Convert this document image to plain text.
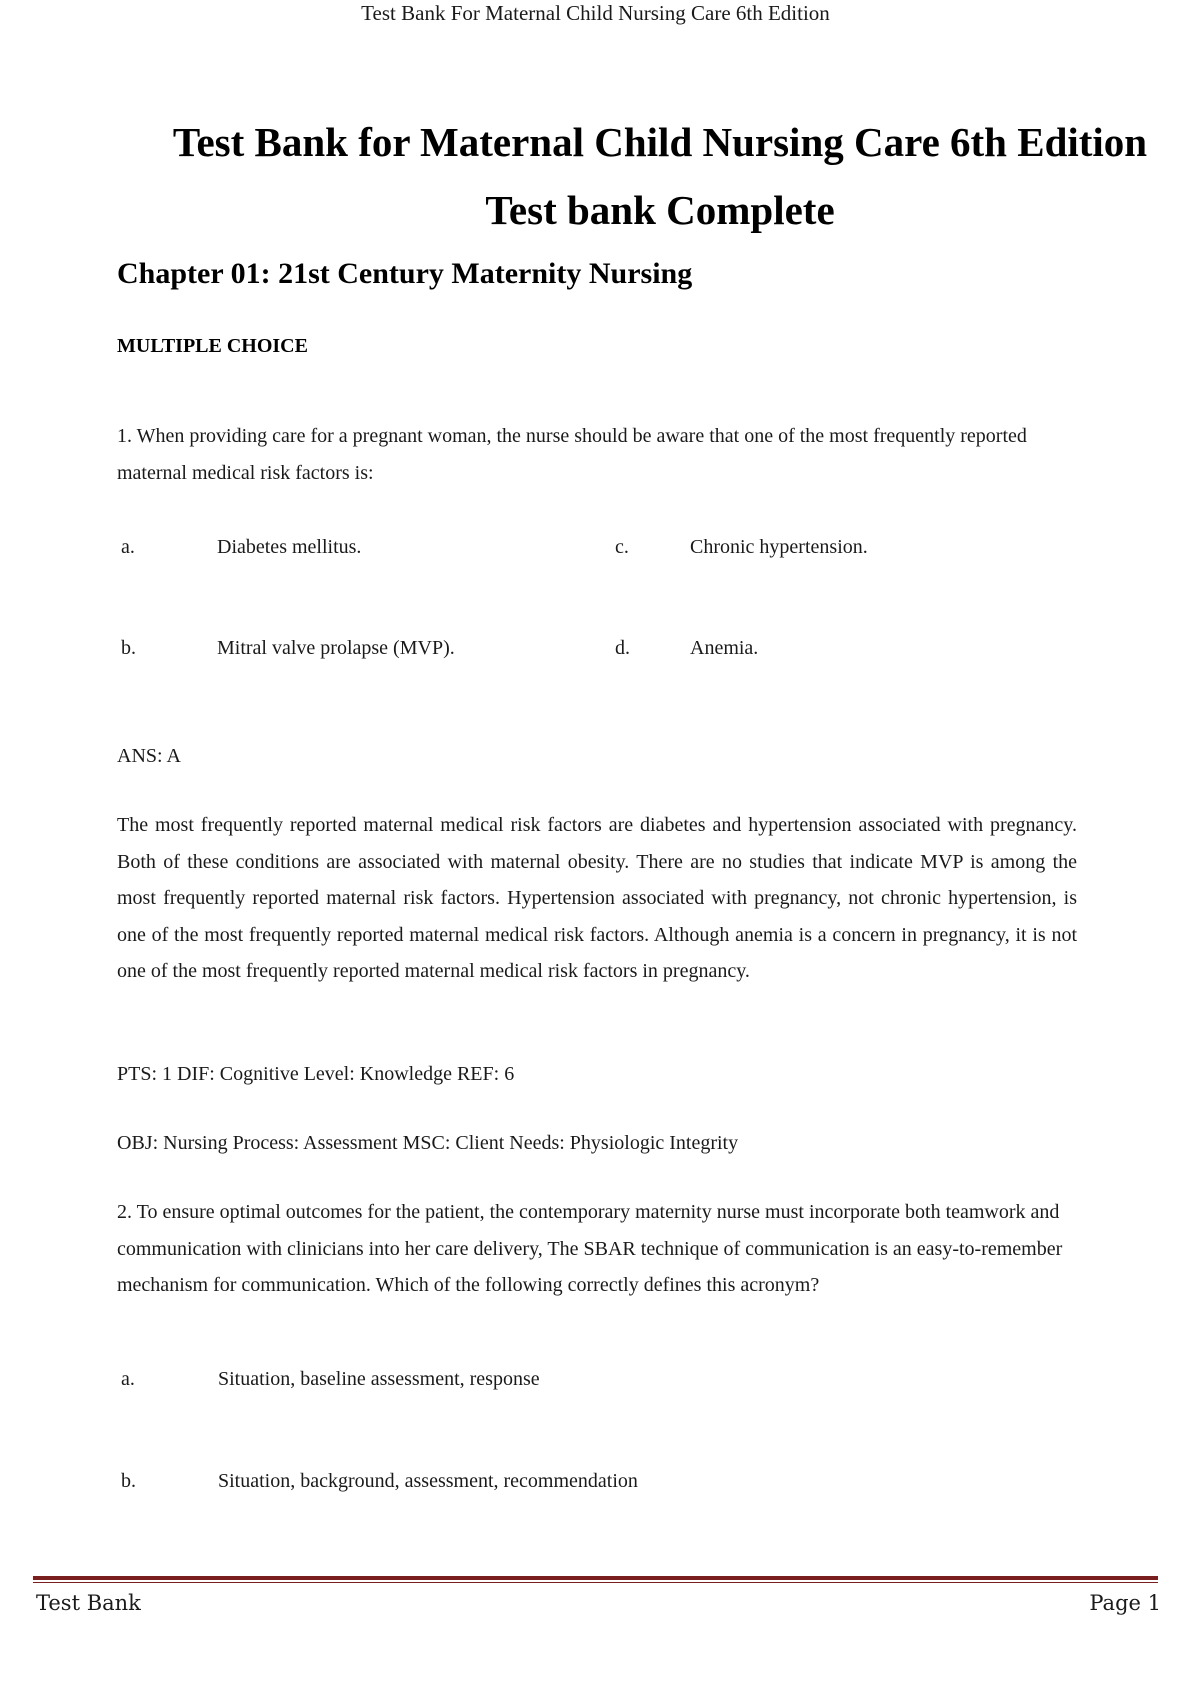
Test Bank For Maternal Child Nursing Care 6th Edition
Test Bank for Maternal Child Nursing Care 6th Edition
Test bank Complete
Chapter 01: 21st Century Maternity Nursing
MULTIPLE CHOICE

1. When providing care for a pregnant woman, the nurse should be aware that one of the most frequently reported maternal medical risk factors is:

a.	Diabetes mellitus.	c.	Chronic hypertension.
b.	Mitral valve prolapse (MVP).	d.	Anemia.
ANS: A

The most frequently reported maternal medical risk factors are diabetes and hypertension associated with pregnancy. Both of these conditions are associated with maternal obesity. There are no studies that indicate MVP is among the most frequently reported maternal risk factors. Hypertension associated with pregnancy, not chronic hypertension, is one of the most frequently reported maternal medical risk factors. Although anemia is a concern in pregnancy, it is not one of the most frequently reported maternal medical risk factors in pregnancy.

PTS: 1 DIF: Cognitive Level: Knowledge REF: 6
OBJ: Nursing Process: Assessment MSC: Client Needs: Physiologic Integrity

2. To ensure optimal outcomes for the patient, the contemporary maternity nurse must incorporate both teamwork and communication with clinicians into her care delivery, The SBAR technique of communication is an easy-to-remember mechanism for communication. Which of the following correctly defines this acronym?

a.	Situation, baseline assessment, response
b.	Situation, background, assessment, recommendation
Test Bank	Page 1
